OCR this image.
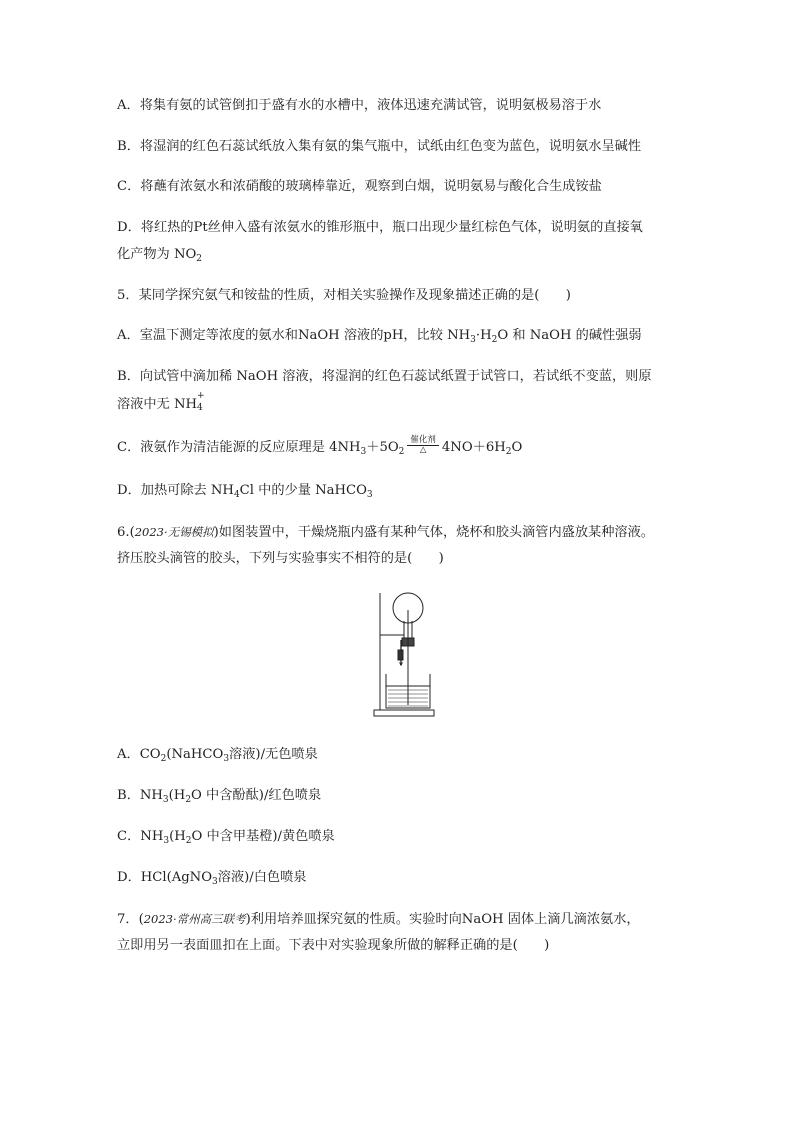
A．将集有氨的试管倒扣于盛有水的水槽中，液体迅速充满试管，说明氨极易溶于水
B．将湿润的红色石蕊试纸放入集有氨的集气瓶中，试纸由红色变为蓝色，说明氨水呈碱性
C．将蘸有浓氨水和浓硝酸的玻璃棒靠近，观察到白烟，说明氨易与酸化合生成铵盐
D．将红热的Pt丝伸入盛有浓氨水的锥形瓶中，瓶口出现少量红棕色气体，说明氨的直接氧
化产物为 $NO_2$
5．某同学探究氨气和铵盐的性质，对相关实验操作及现象描述正确的是(　　)
A．室温下测定等浓度的氨水和NaOH 溶液的pH，比较 $NH_3\cdot H_2O$ 和 NaOH 的碱性强弱
B．向试管中滴加稀 NaOH 溶液，将湿润的红色石蕊试纸置于试管口，若试纸不变蓝，则原
溶液中无 NH
+
4
C．液氨作为清洁能源的反应原理是 $4NH_3+5O_2 \frac{\text{催化剂}}{\triangle} 4NO+6H_2O$
D．加热可除去 $NH_4Cl$ 中的少量 NaHCO$_3$
6.(2023·无锡模拟)如图装置中，干燥烧瓶内盛有某种气体，烧杯和胶头滴管内盛放某种溶液。
挤压胶头滴管的胶头，下列与实验事实不相符的是(　　)
A．$CO_2(NaHCO_3$溶液)/无色喷泉
B．$NH_3(H_2O$ 中含酚酞)/红色喷泉
C．$NH_3(H_2O$ 中含甲基橙)/黄色喷泉
D．HCl(AgNO$_3$溶液)/白色喷泉
7．(2023·常州高三联考)利用培养皿探究氨的性质。实验时向NaOH 固体上滴几滴浓氨水，
立即用另一表面皿扣在上面。下表中对实验现象所做的解释正确的是(　　)
